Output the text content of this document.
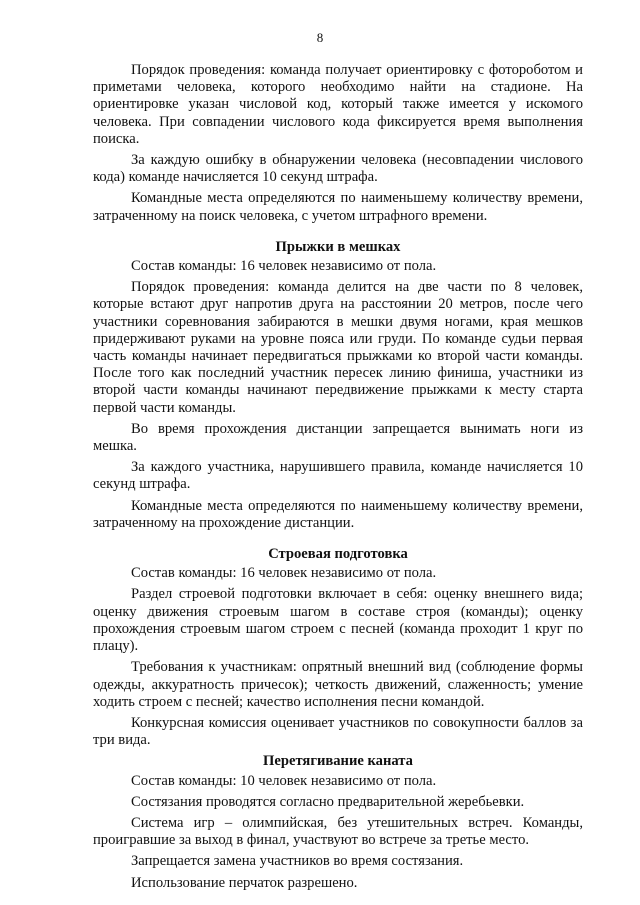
8

Порядок проведения: команда получает ориентировку с фотороботом и приметами человека, которого необходимо найти на стадионе. На ориентировке указан числовой код, который также имеется у искомого человека. При совпадении числового кода фиксируется время выполнения поиска.

За каждую ошибку в обнаружении человека (несовпадении числового кода) команде начисляется 10 секунд штрафа.

Командные места определяются по наименьшему количеству времени, затраченному на поиск человека, с учетом штрафного времени.

Прыжки в мешках

Состав команды: 16 человек независимо от пола.

Порядок проведения: команда делится на две части по 8 человек, которые встают друг напротив друга на расстоянии 20 метров, после чего участники соревнования забираются в мешки двумя ногами, края мешков придерживают руками на уровне пояса или груди. По команде судьи первая часть команды начинает передвигаться прыжками ко второй части команды. После того как последний участник пересек линию финиша, участники из второй части команды начинают передвижение прыжками к месту старта первой части команды.

Во время прохождения дистанции запрещается вынимать ноги из мешка.

За каждого участника, нарушившего правила, команде начисляется 10 секунд штрафа.

Командные места определяются по наименьшему количеству времени, затраченному на прохождение дистанции.

Строевая подготовка

Состав команды: 16 человек независимо от пола.

Раздел строевой подготовки включает в себя: оценку внешнего вида; оценку движения строевым шагом в составе строя (команды); оценку прохождения строевым шагом строем с песней (команда проходит 1 круг по плацу).

Требования к участникам: опрятный внешний вид (соблюдение формы одежды, аккуратность причесок); четкость движений, слаженность; умение ходить строем с песней; качество исполнения песни командой.

Конкурсная комиссия оценивает участников по совокупности баллов за три вида.

Перетягивание каната

Состав команды: 10 человек независимо от пола.

Состязания проводятся согласно предварительной жеребьевки.

Система игр – олимпийская, без утешительных встреч. Команды, проигравшие за выход в финал, участвуют во встрече за третье место.

Запрещается замена участников во время состязания.

Использование перчаток разрешено.
